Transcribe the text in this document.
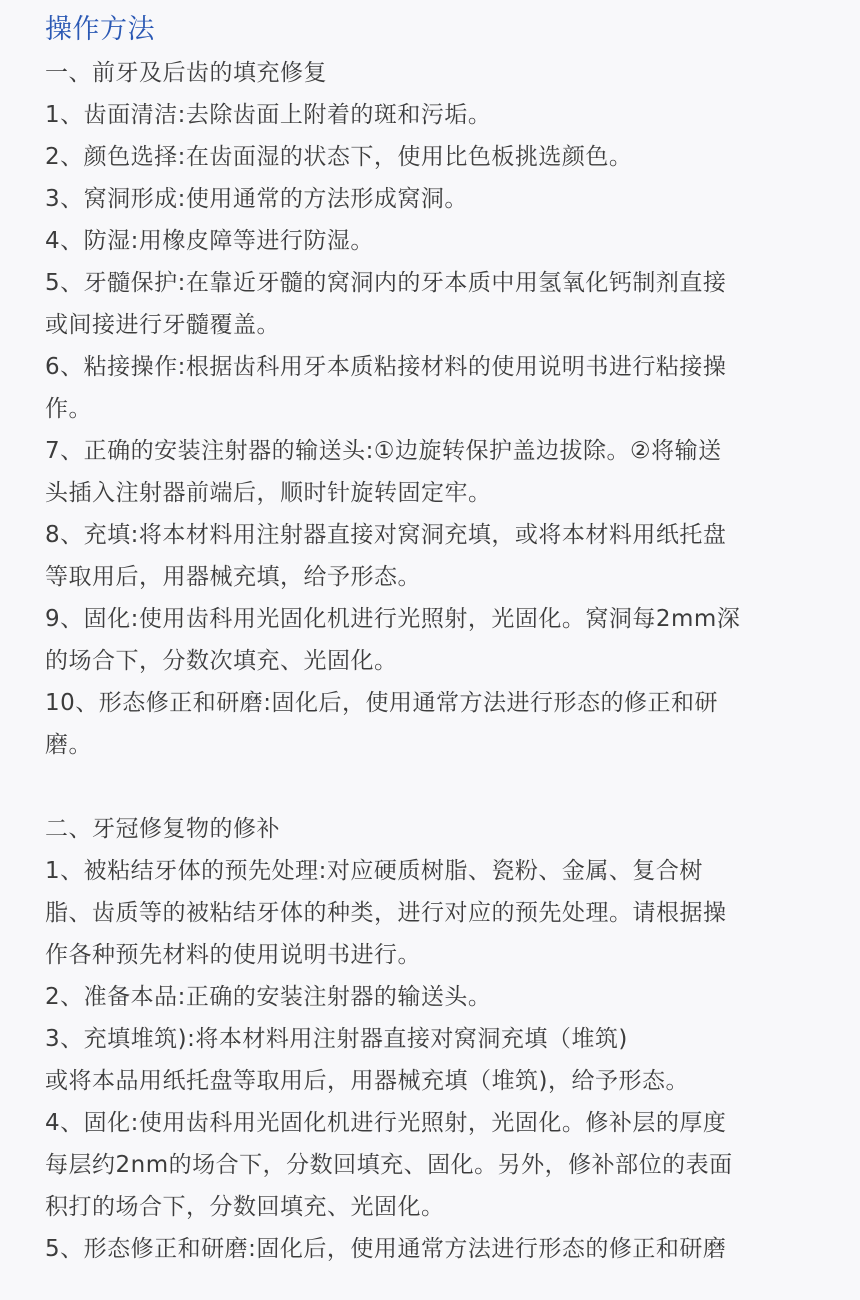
操作方法

一、前牙及后齿的填充修复

1、齿面清洁:去除齿面上附着的斑和污垢。

2、颜色选择:在齿面湿的状态下，使用比色板挑选颜色。

3、窝洞形成:使用通常的方法形成窝洞。

4、防湿:用橡皮障等进行防湿。

5、牙髓保护:在靠近牙髓的窝洞内的牙本质中用氢氧化钙制剂直接

或间接进行牙髓覆盖。

6、粘接操作:根据齿科用牙本质粘接材料的使用说明书进行粘接操

作。

7、正确的安装注射器的输送头:①边旋转保护盖边拔除。②将输送

头插入注射器前端后，顺时针旋转固定牢。

8、充填:将本材料用注射器直接对窝洞充填，或将本材料用纸托盘

等取用后，用器械充填，给予形态。

9、固化:使用齿科用光固化机进行光照射，光固化。窝洞每2mm深

的场合下，分数次填充、光固化。

10、形态修正和研磨:固化后，使用通常方法进行形态的修正和研

磨。

二、牙冠修复物的修补

1、被粘结牙体的预先处理:对应硬质树脂、瓷粉、金属、复合树

脂、齿质等的被粘结牙体的种类，进行对应的预先处理。请根据操

作各种预先材料的使用说明书进行。

2、准备本品:正确的安装注射器的输送头。

3、充填堆筑):将本材料用注射器直接对窝洞充填（堆筑)

或将本品用纸托盘等取用后，用器械充填（堆筑)，给予形态。

4、固化:使用齿科用光固化机进行光照射，光固化。修补层的厚度

每层约2nm的场合下，分数回填充、固化。另外，修补部位的表面

积打的场合下，分数回填充、光固化。

5、形态修正和研磨:固化后，使用通常方法进行形态的修正和研磨
